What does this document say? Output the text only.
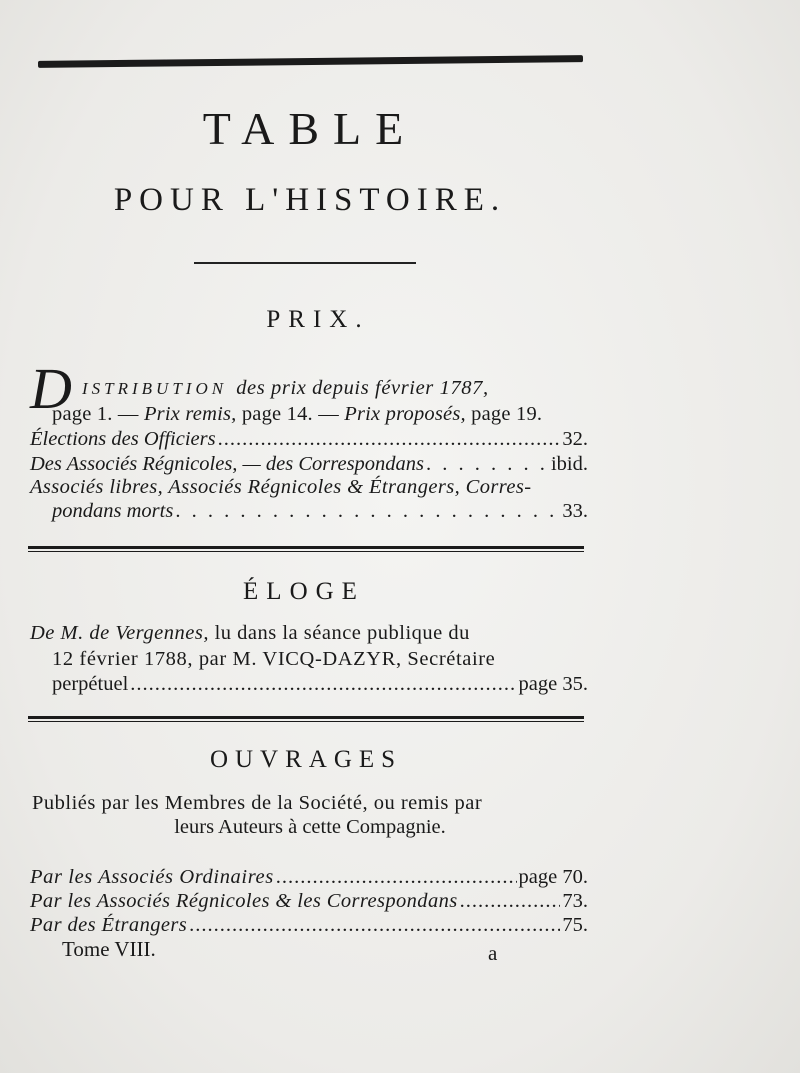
TABLE
POUR L'HISTOIRE.
PRIX.
D ISTRIBUTION des prix depuis février 1787,
page 1. — Prix remis, page 14. — Prix proposés, page 19.
Élections des Officiers .....	32.
Des Associés Régnicoles, — des Correspondans . . .	ibid.
Associés libres, Associés Régnicoles & Étrangers, Corres-
pondans morts . . .	33.
ÉLOGE
De M. de Vergennes, lu dans la séance publique du
12 février 1788, par M. VICQ-DAZYR, Secrétaire
perpétuel .....	page 35.
OUVRAGES
Publiés par les Membres de la Société, ou remis par
leurs Auteurs à cette Compagnie.
Par les Associés Ordinaires .....	page 70.
Par les Associés Régnicoles & les Correspondans .....	73.
Par des Étrangers .....	75.
Tome VIII.	a
